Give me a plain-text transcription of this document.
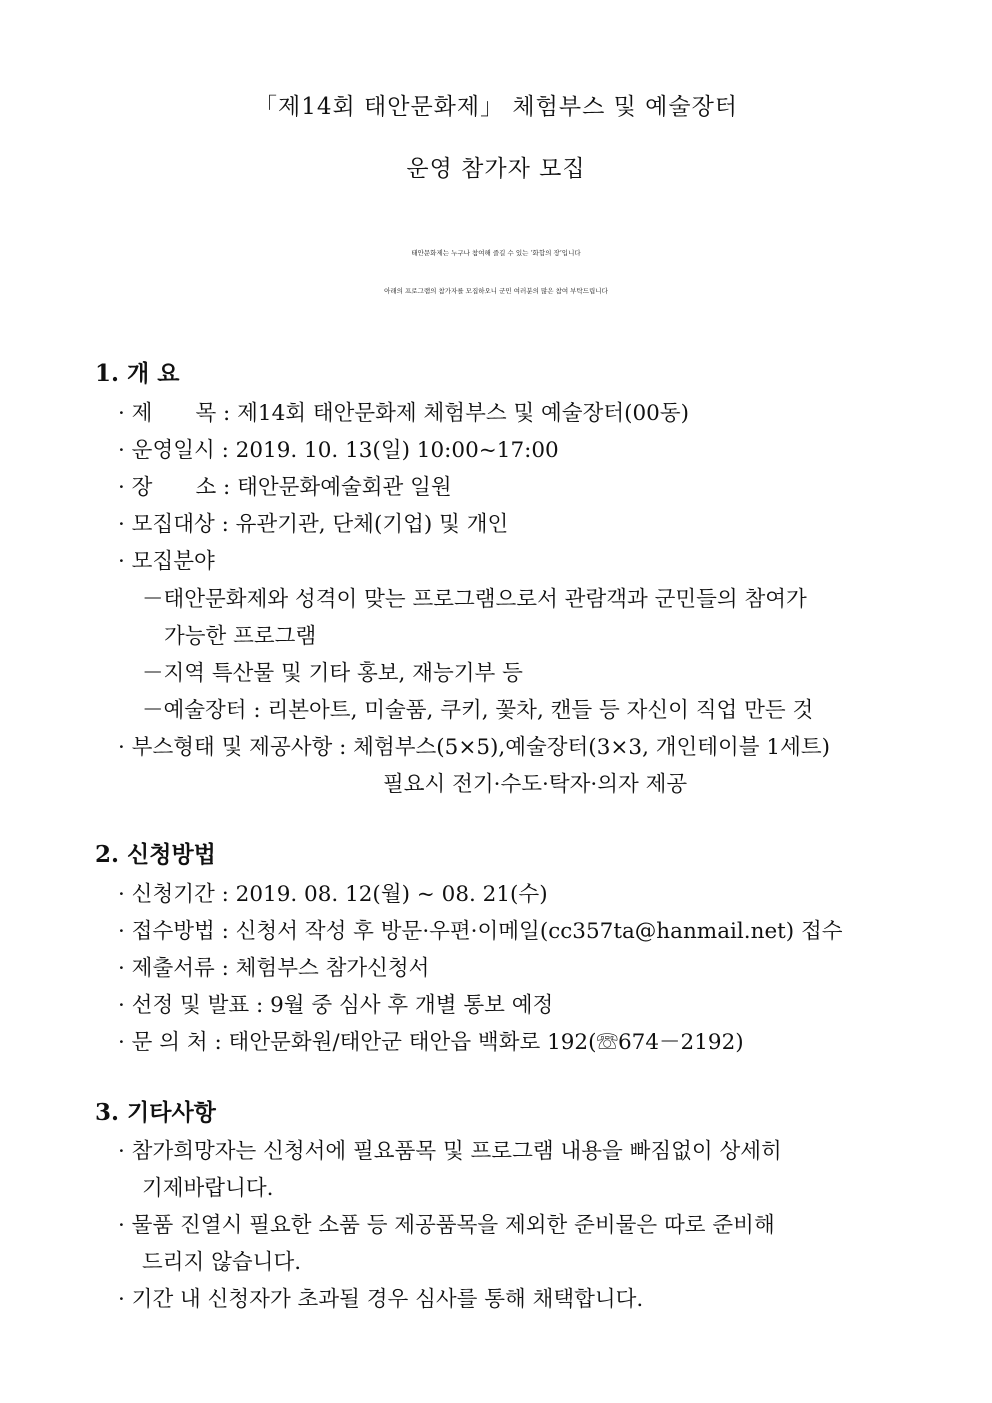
「제14회 태안문화제」 체험부스 및 예술장터
운영 참가자 모집
태안문화제는 누구나 참여해 즐길 수 있는 ‘화합의 장’입니다
아래의 프로그램의 참가자를 모집하오니 군민 여러분의 많은 참여 부탁드립니다
1. 개 요
· 제　　목 : 제14회 태안문화제 체험부스 및 예술장터(00동)
· 운영일시 : 2019. 10. 13(일) 10:00~17:00
· 장　　소 : 태안문화예술회관 일원
· 모집대상 : 유관기관, 단체(기업) 및 개인
· 모집분야
－태안문화제와 성격이 맞는 프로그램으로서 관람객과 군민들의 참여가
가능한 프로그램
－지역 특산물 및 기타 홍보, 재능기부 등
－예술장터 : 리본아트, 미술품, 쿠키, 꽃차, 캔들 등 자신이 직업 만든 것
· 부스형태 및 제공사항 : 체험부스(5×5),예술장터(3×3, 개인테이블 1세트)
필요시 전기·수도·탁자·의자 제공
2. 신청방법
· 신청기간 : 2019. 08. 12(월) ~ 08. 21(수)
· 접수방법 : 신청서 작성 후 방문·우편·이메일(cc357ta@hanmail.net) 접수
· 제출서류 : 체험부스 참가신청서
· 선정 및 발표 : 9월 중 심사 후 개별 통보 예정
· 문 의 처 : 태안문화원/태안군 태안읍 백화로 192(☏674－2192)
3. 기타사항
· 참가희망자는 신청서에 필요품목 및 프로그램 내용을 빠짐없이 상세히
기제바랍니다.
· 물품 진열시 필요한 소품 등 제공품목을 제외한 준비물은 따로 준비해
드리지 않습니다.
· 기간 내 신청자가 초과될 경우 심사를 통해 채택합니다.
